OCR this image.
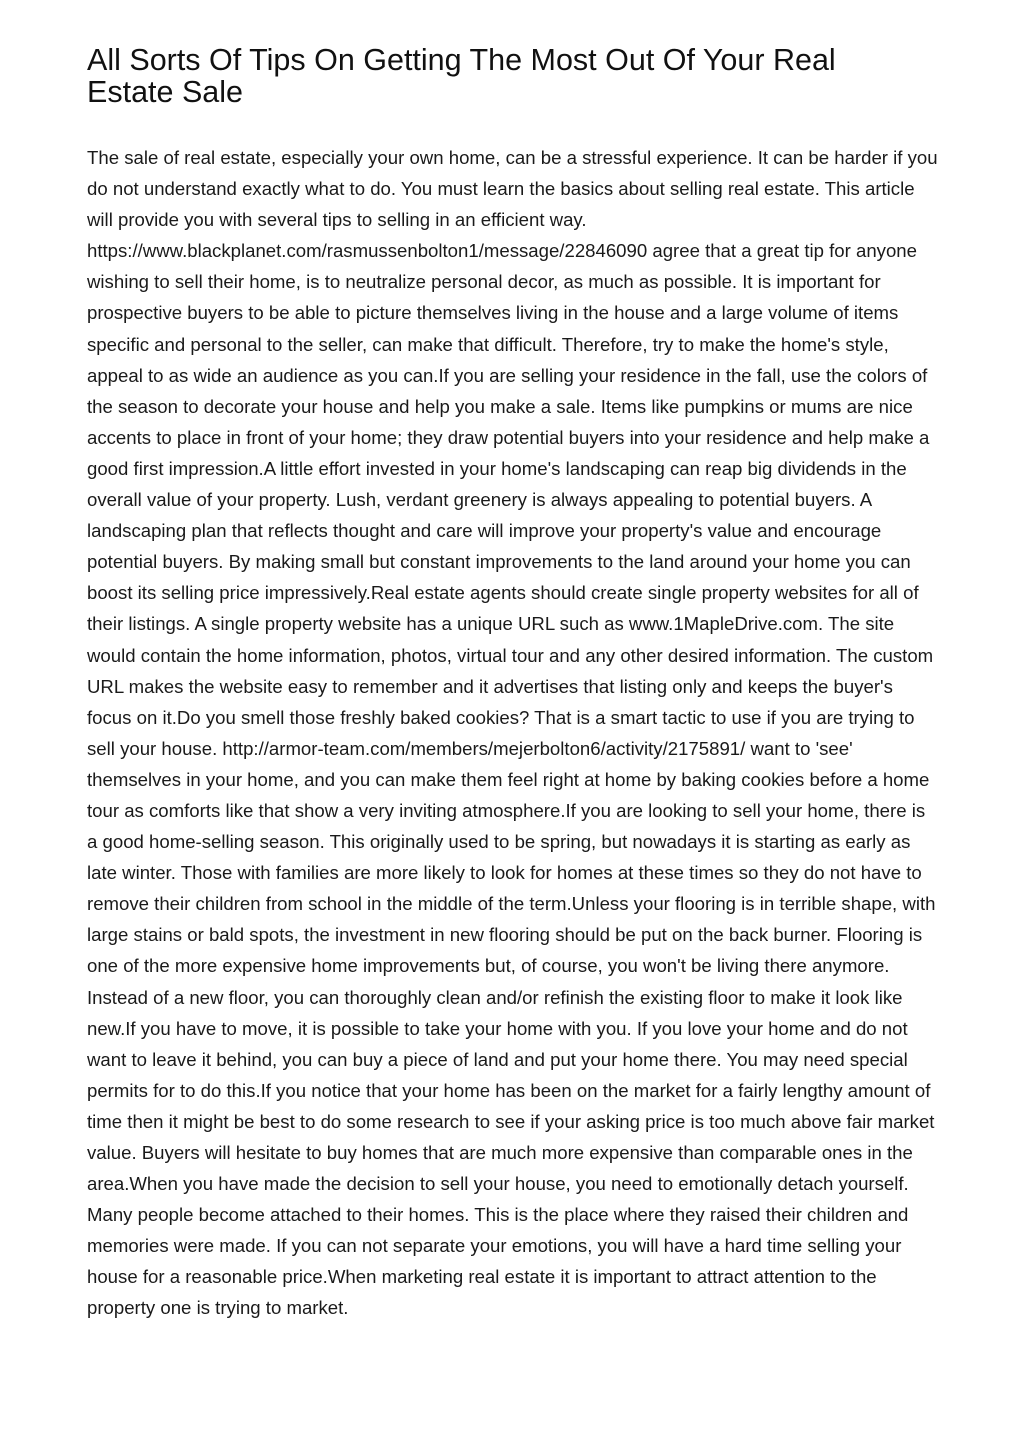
All Sorts Of Tips On Getting The Most Out Of Your Real Estate Sale

The sale of real estate, especially your own home, can be a stressful experience. It can be harder if you do not understand exactly what to do. You must learn the basics about selling real estate. This article will provide you with several tips to selling in an efficient way. https://www.blackplanet.com/rasmussenbolton1/message/22846090 agree that a great tip for anyone wishing to sell their home, is to neutralize personal decor, as much as possible. It is important for prospective buyers to be able to picture themselves living in the house and a large volume of items specific and personal to the seller, can make that difficult. Therefore, try to make the home's style, appeal to as wide an audience as you can.If you are selling your residence in the fall, use the colors of the season to decorate your house and help you make a sale. Items like pumpkins or mums are nice accents to place in front of your home; they draw potential buyers into your residence and help make a good first impression.A little effort invested in your home's landscaping can reap big dividends in the overall value of your property. Lush, verdant greenery is always appealing to potential buyers. A landscaping plan that reflects thought and care will improve your property's value and encourage potential buyers. By making small but constant improvements to the land around your home you can boost its selling price impressively.Real estate agents should create single property websites for all of their listings. A single property website has a unique URL such as www.1MapleDrive.com. The site would contain the home information, photos, virtual tour and any other desired information. The custom URL makes the website easy to remember and it advertises that listing only and keeps the buyer's focus on it.Do you smell those freshly baked cookies? That is a smart tactic to use if you are trying to sell your house. http://armor-team.com/members/mejerbolton6/activity/2175891/ want to 'see' themselves in your home, and you can make them feel right at home by baking cookies before a home tour as comforts like that show a very inviting atmosphere.If you are looking to sell your home, there is a good home-selling season. This originally used to be spring, but nowadays it is starting as early as late winter. Those with families are more likely to look for homes at these times so they do not have to remove their children from school in the middle of the term.Unless your flooring is in terrible shape, with large stains or bald spots, the investment in new flooring should be put on the back burner. Flooring is one of the more expensive home improvements but, of course, you won't be living there anymore. Instead of a new floor, you can thoroughly clean and/or refinish the existing floor to make it look like new.If you have to move, it is possible to take your home with you. If you love your home and do not want to leave it behind, you can buy a piece of land and put your home there. You may need special permits for to do this.If you notice that your home has been on the market for a fairly lengthy amount of time then it might be best to do some research to see if your asking price is too much above fair market value. Buyers will hesitate to buy homes that are much more expensive than comparable ones in the area.When you have made the decision to sell your house, you need to emotionally detach yourself. Many people become attached to their homes. This is the place where they raised their children and memories were made. If you can not separate your emotions, you will have a hard time selling your house for a reasonable price.When marketing real estate it is important to attract attention to the property one is trying to market.
